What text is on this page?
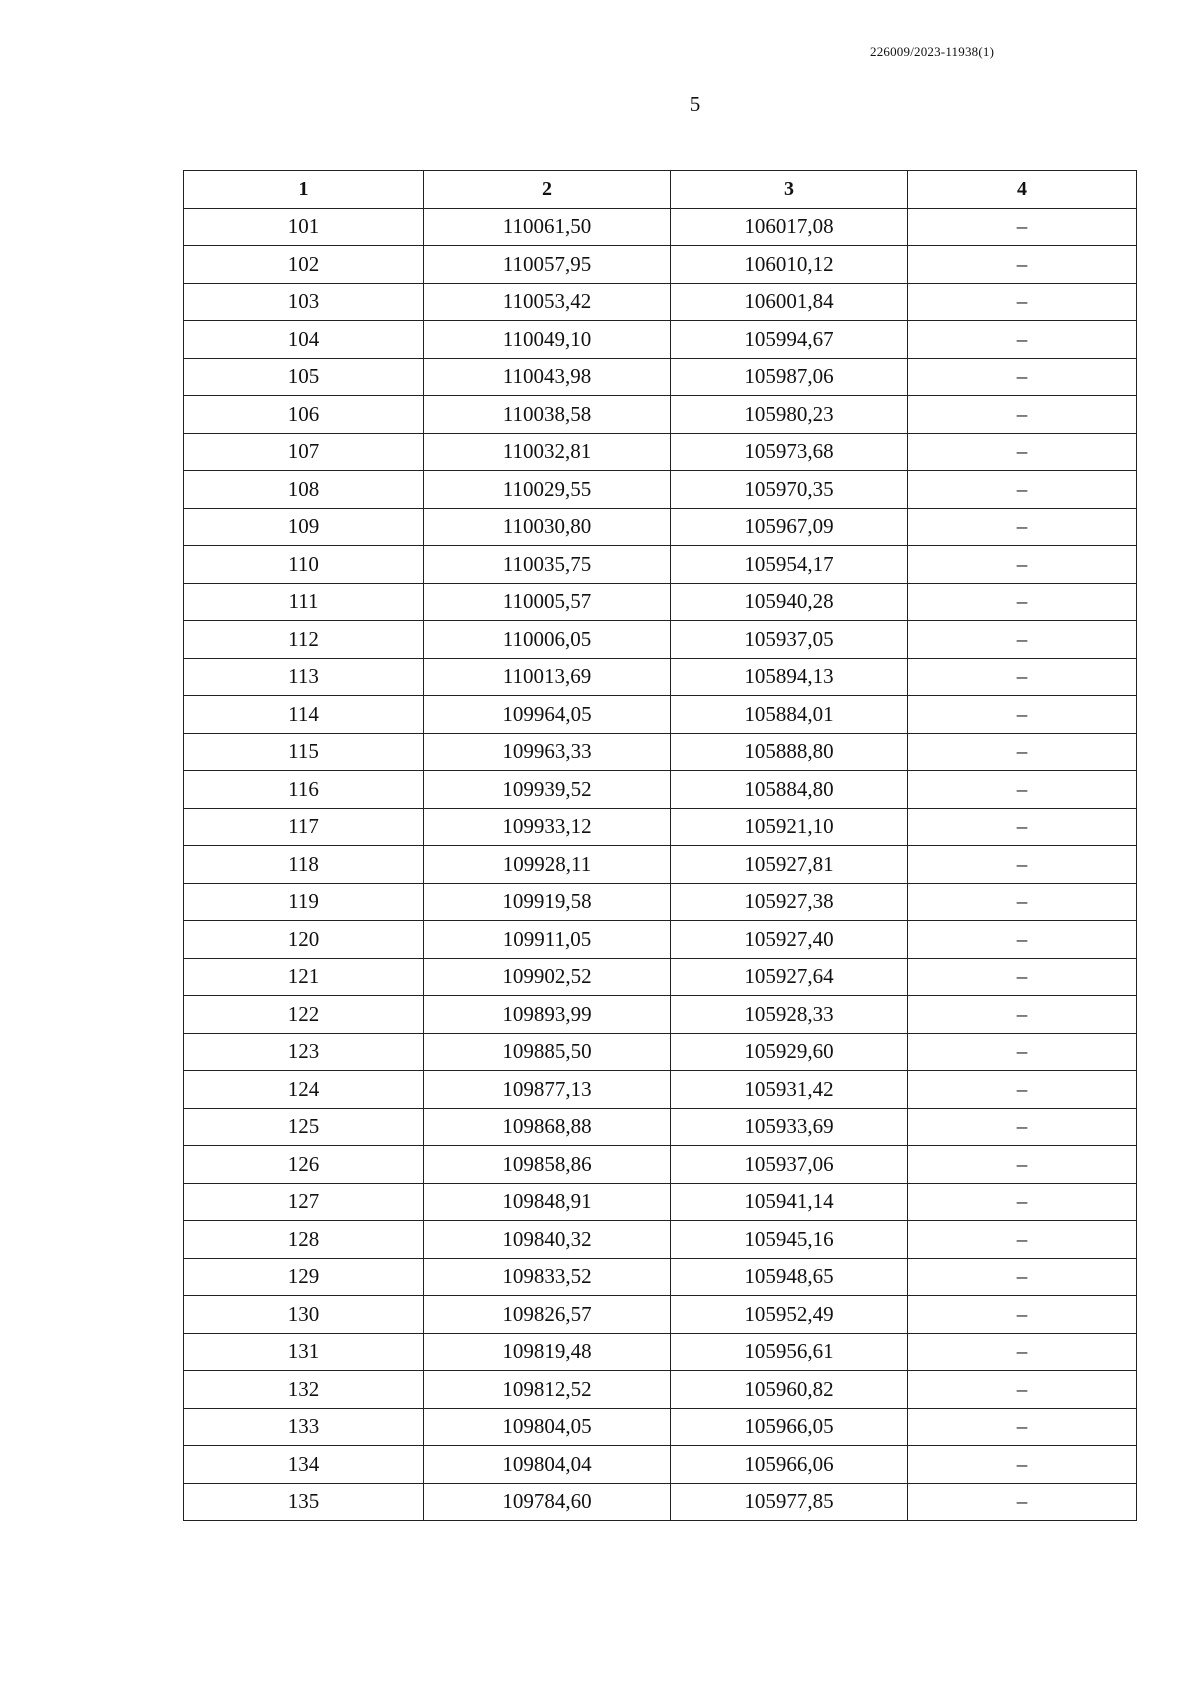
226009/2023-11938(1)
5
1	2	3	4
101	110061,50	106017,08	–
102	110057,95	106010,12	–
103	110053,42	106001,84	–
104	110049,10	105994,67	–
105	110043,98	105987,06	–
106	110038,58	105980,23	–
107	110032,81	105973,68	–
108	110029,55	105970,35	–
109	110030,80	105967,09	–
110	110035,75	105954,17	–
111	110005,57	105940,28	–
112	110006,05	105937,05	–
113	110013,69	105894,13	–
114	109964,05	105884,01	–
115	109963,33	105888,80	–
116	109939,52	105884,80	–
117	109933,12	105921,10	–
118	109928,11	105927,81	–
119	109919,58	105927,38	–
120	109911,05	105927,40	–
121	109902,52	105927,64	–
122	109893,99	105928,33	–
123	109885,50	105929,60	–
124	109877,13	105931,42	–
125	109868,88	105933,69	–
126	109858,86	105937,06	–
127	109848,91	105941,14	–
128	109840,32	105945,16	–
129	109833,52	105948,65	–
130	109826,57	105952,49	–
131	109819,48	105956,61	–
132	109812,52	105960,82	–
133	109804,05	105966,05	–
134	109804,04	105966,06	–
135	109784,60	105977,85	–
